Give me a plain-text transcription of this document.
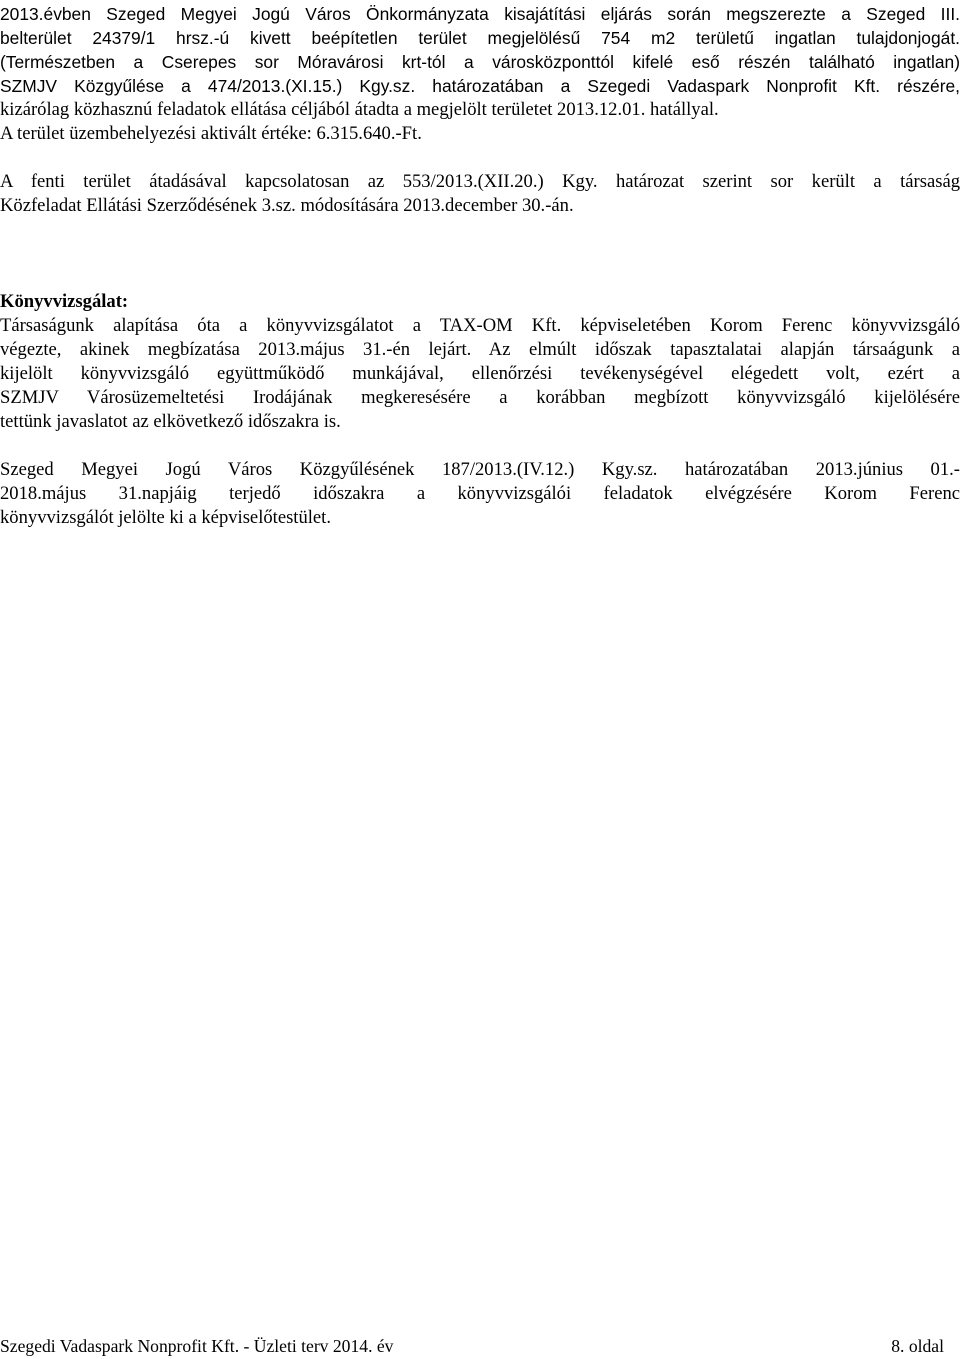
2013.évben Szeged Megyei Jogú Város Önkormányzata kisajátítási eljárás során megszerezte a Szeged III.
belterület 24379/1 hrsz.-ú kivett beépítetlen terület megjelölésű 754 m2 területű ingatlan tulajdonjogát.
(Természetben a Cserepes sor Móravárosi krt-tól a városközponttól kifelé eső részén található ingatlan)
SZMJV Közgyűlése a 474/2013.(XI.15.) Kgy.sz. határozatában a Szegedi Vadaspark Nonprofit Kft. részére,
kizárólag közhasznú feladatok ellátása céljából átadta a megjelölt területet 2013.12.01. hatállyal.
A terület üzembehelyezési aktivált értéke: 6.315.640.-Ft.
A fenti terület átadásával kapcsolatosan az 553/2013.(XII.20.) Kgy. határozat szerint sor került a társaság
Közfeladat Ellátási Szerződésének 3.sz. módosítására 2013.december 30.-án.
Könyvvizsgálat:
Társaságunk alapítása óta a könyvvizsgálatot a TAX-OM Kft. képviseletében Korom Ferenc könyvvizsgáló
végezte, akinek megbízatása 2013.május 31.-én lejárt. Az elmúlt időszak tapasztalatai alapján társaágunk a
kijelölt könyvvizsgáló együttműködő munkájával, ellenőrzési tevékenységével elégedett volt, ezért a
SZMJV Városüzemeltetési Irodájának megkeresésére a korábban megbízott könyvvizsgáló kijelölésére
tettünk javaslatot az elkövetkező időszakra is.
Szeged Megyei Jogú Város Közgyűlésének 187/2013.(IV.12.) Kgy.sz. határozatában 2013.június 01.-
2018.május 31.napjáig terjedő időszakra a könyvvizsgálói feladatok elvégzésére Korom Ferenc
könyvvizsgálót jelölte ki a képviselőtestület.
Szegedi Vadaspark Nonprofit Kft. - Üzleti terv 2014. év	8. oldal
